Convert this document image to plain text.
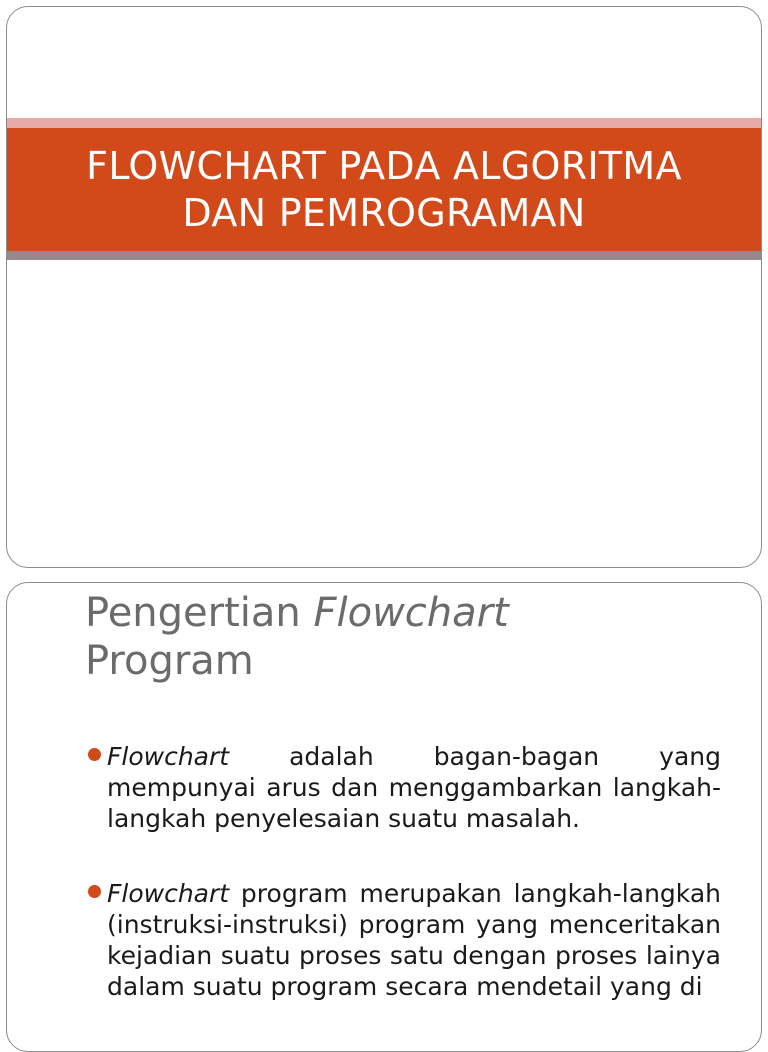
FLOWCHART PADA ALGORITMA
DAN PEMROGRAMAN
Pengertian Flowchart
Program
Flowchart adalah bagan-bagan yang mempunyai arus dan menggambarkan langkah-langkah penyelesaian suatu masalah.
Flowchart program merupakan langkah-langkah (instruksi-instruksi) program yang menceritakan kejadian suatu proses satu dengan proses lainya dalam suatu program secara mendetail yang di
